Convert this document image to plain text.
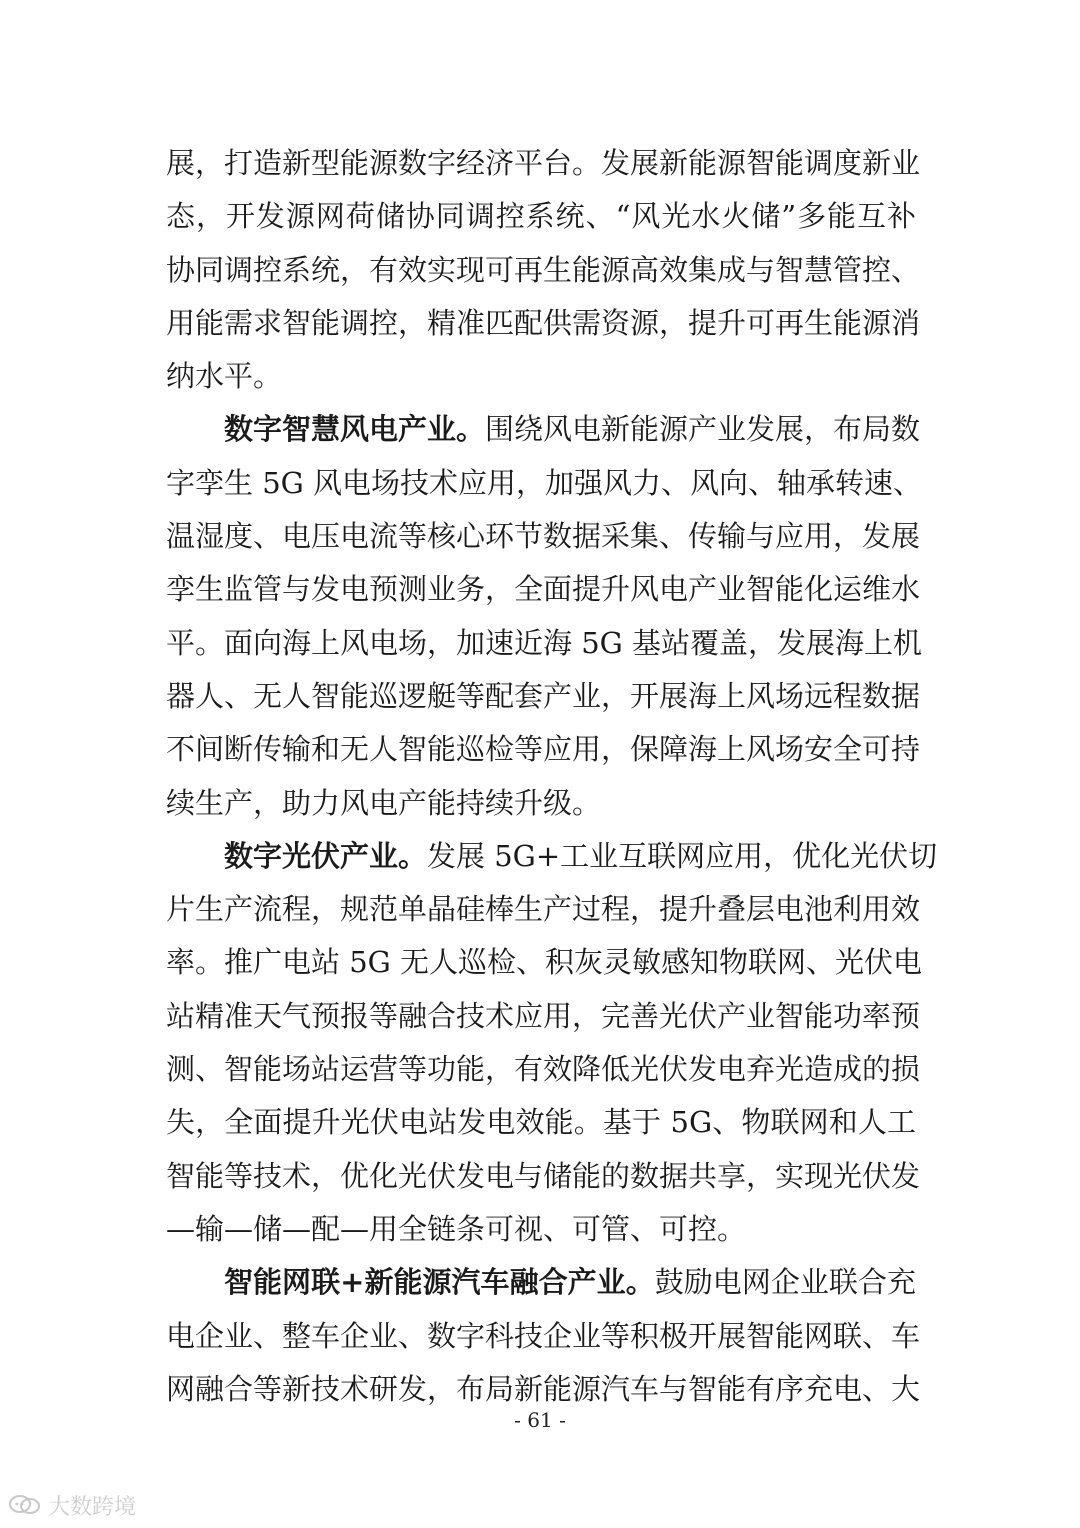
展，打造新型能源数字经济平台。发展新能源智能调度新业
态，开发源网荷储协同调控系统、“风光水火储”多能互补
协同调控系统，有效实现可再生能源高效集成与智慧管控、
用能需求智能调控，精准匹配供需资源，提升可再生能源消
纳水平。
数字智慧风电产业。围绕风电新能源产业发展，布局数
字孪生 5G 风电场技术应用，加强风力、风向、轴承转速、
温湿度、电压电流等核心环节数据采集、传输与应用，发展
孪生监管与发电预测业务，全面提升风电产业智能化运维水
平。面向海上风电场，加速近海 5G 基站覆盖，发展海上机
器人、无人智能巡逻艇等配套产业，开展海上风场远程数据
不间断传输和无人智能巡检等应用，保障海上风场安全可持
续生产，助力风电产能持续升级。
数字光伏产业。发展 5G+工业互联网应用，优化光伏切
片生产流程，规范单晶硅棒生产过程，提升叠层电池利用效
率。推广电站 5G 无人巡检、积灰灵敏感知物联网、光伏电
站精准天气预报等融合技术应用，完善光伏产业智能功率预
测、智能场站运营等功能，有效降低光伏发电弃光造成的损
失，全面提升光伏电站发电效能。基于 5G、物联网和人工
智能等技术，优化光伏发电与储能的数据共享，实现光伏发
—输—储—配—用全链条可视、可管、可控。
智能网联+新能源汽车融合产业。鼓励电网企业联合充
电企业、整车企业、数字科技企业等积极开展智能网联、车
网融合等新技术研发，布局新能源汽车与智能有序充电、大
- 61 -
大数跨境
